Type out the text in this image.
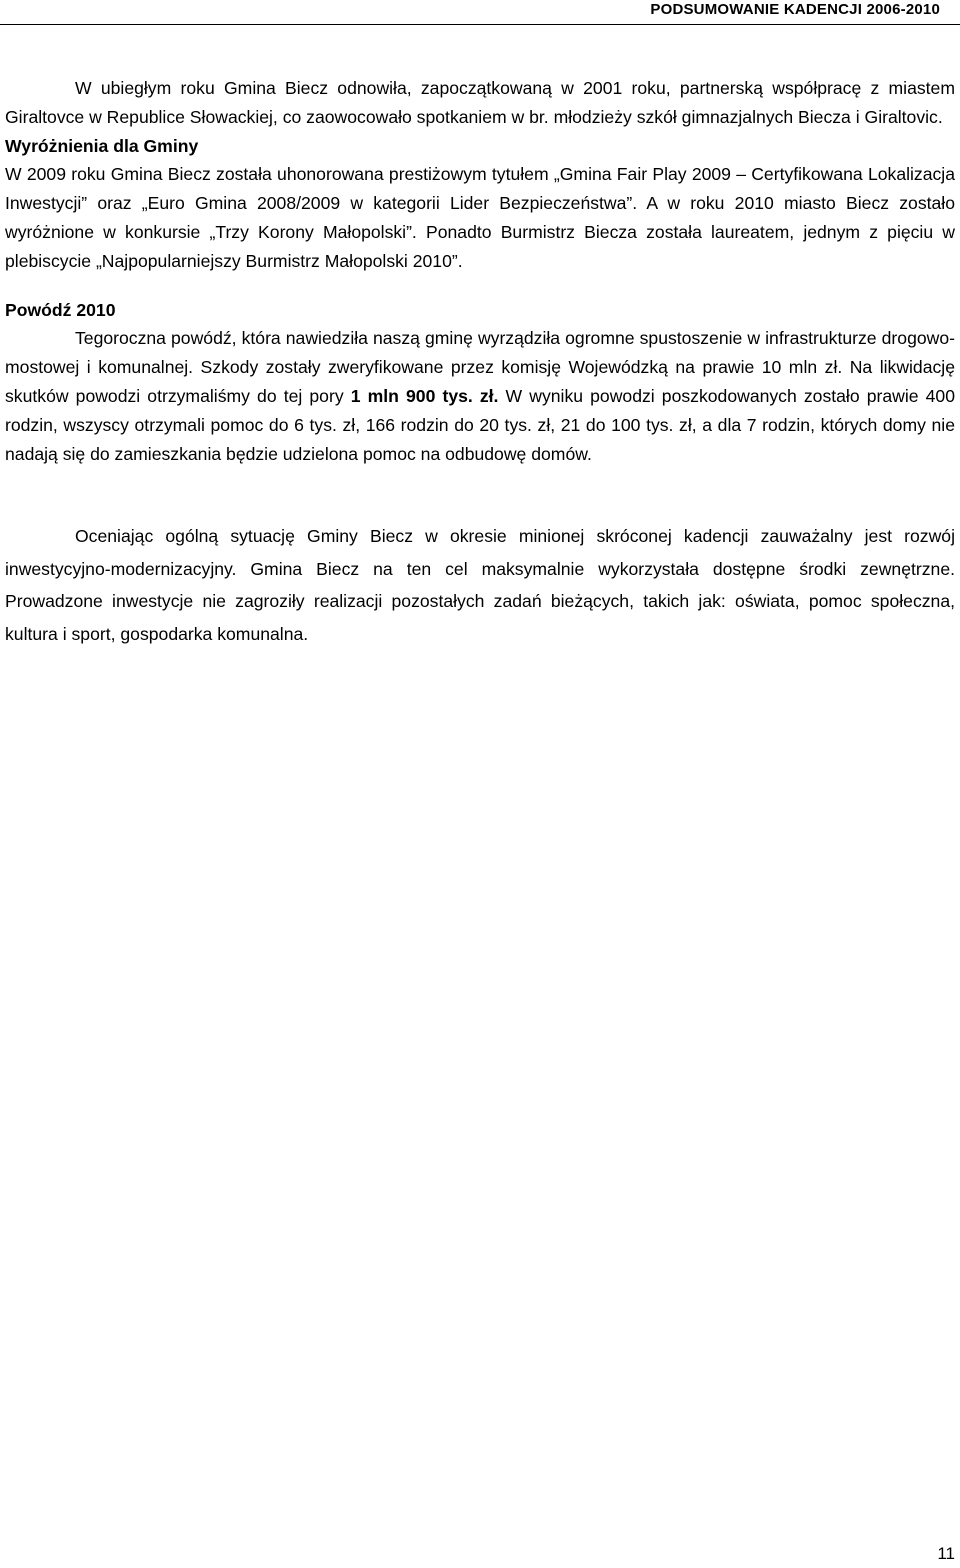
PODSUMOWANIE KADENCJI 2006-2010

W ubiegłym roku Gmina Biecz odnowiła, zapoczątkowaną w 2001 roku, partnerską współpracę z miastem Giraltovce w Republice Słowackiej, co zaowocowało spotkaniem w br. młodzieży szkół gimnazjalnych Biecza i Giraltovic.

Wyróżnienia dla Gminy

W 2009 roku Gmina Biecz została uhonorowana prestiżowym tytułem „Gmina Fair Play 2009 – Certyfikowana Lokalizacja Inwestycji” oraz „Euro Gmina 2008/2009 w kategorii Lider Bezpieczeństwa”. A w roku 2010 miasto Biecz zostało wyróżnione w konkursie „Trzy Korony Małopolski”. Ponadto Burmistrz Biecza została laureatem, jednym z pięciu w plebiscycie „Najpopularniejszy Burmistrz Małopolski 2010”.

Powódź 2010

Tegoroczna powódź, która nawiedziła naszą gminę wyrządziła ogromne spustoszenie w infrastrukturze drogowo-mostowej i komunalnej. Szkody zostały zweryfikowane przez komisję Wojewódzką na prawie 10 mln zł. Na likwidację skutków powodzi otrzymaliśmy do tej pory 1 mln 900 tys. zł. W wyniku powodzi poszkodowanych zostało prawie 400 rodzin, wszyscy otrzymali pomoc do 6 tys. zł, 166 rodzin do 20 tys. zł, 21 do 100 tys. zł, a dla 7 rodzin, których domy nie nadają się do zamieszkania będzie udzielona pomoc na odbudowę domów.

Oceniając ogólną sytuację Gminy Biecz w okresie minionej skróconej kadencji zauważalny jest rozwój inwestycyjno-modernizacyjny. Gmina Biecz na ten cel maksymalnie wykorzystała dostępne środki zewnętrzne. Prowadzone inwestycje nie zagroziły realizacji pozostałych zadań bieżących, takich jak: oświata, pomoc społeczna, kultura i sport, gospodarka komunalna.

11
